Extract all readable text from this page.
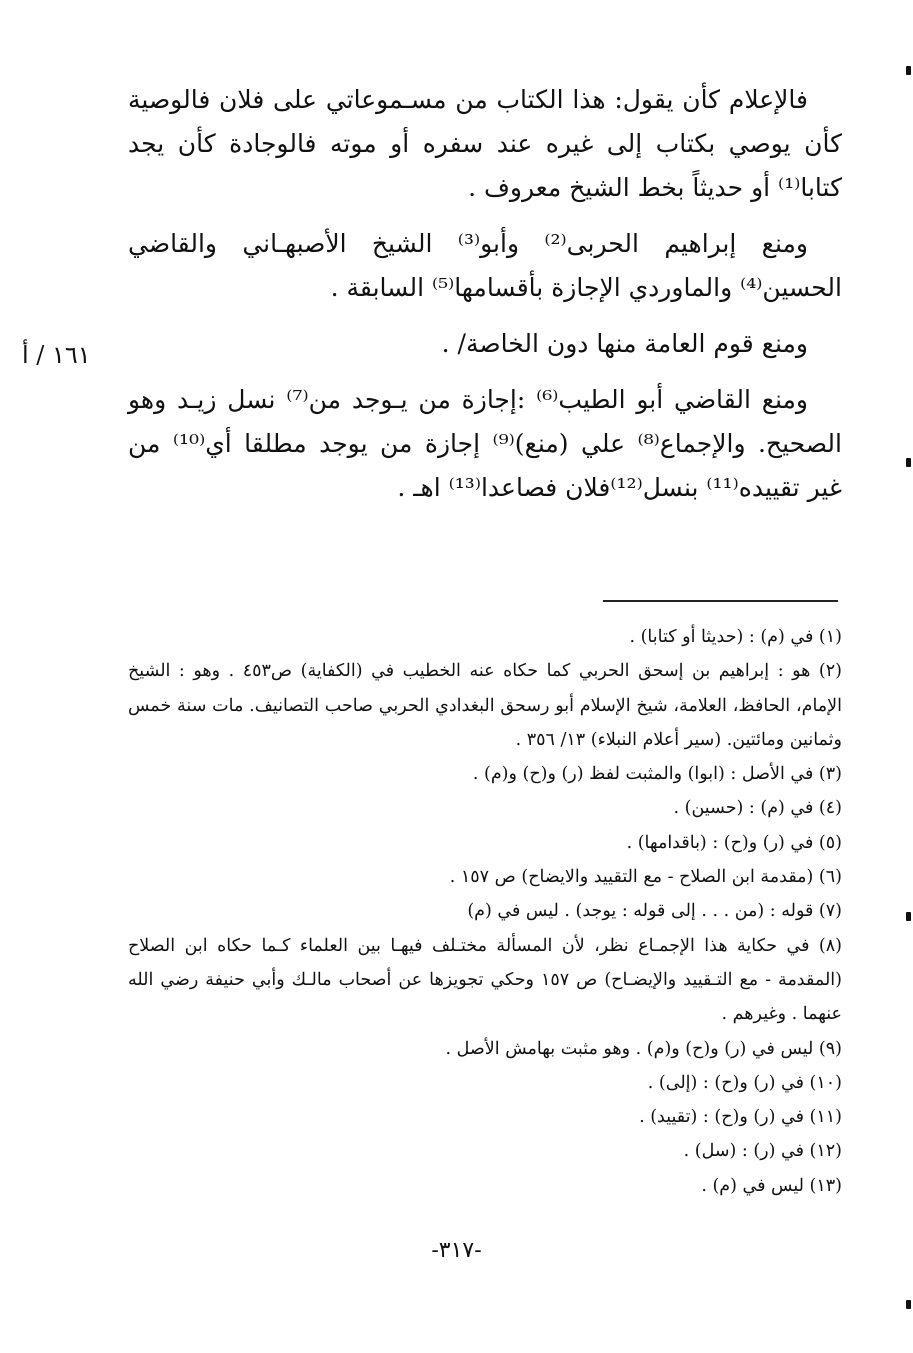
فالإعلام كأن يقول: هذا الكتاب من مسـموعاتي على فلان فالوصية كأن يوصي بكتاب إلى غيره عند سفره أو موته فالوجادة كأن يجد كتابا⁽¹⁾ أو حديثاً بخط الشيخ معروف .

ومنع إبراهيم الحربى⁽²⁾ وأبو⁽³⁾ الشيخ الأصبهـاني والقاضي الحسين⁽⁴⁾ والماوردي الإجازة بأقسامها⁽⁵⁾ السابقة .

ومنع قوم العامة منها دون الخاصة/ .

ومنع القاضي أبو الطيب⁽⁶⁾ :إجازة من يـوجد من⁽⁷⁾ نسل زيـد وهو الصحيح. والإجماع⁽⁸⁾ علي (منع)⁽⁹⁾ إجازة من يوجد مطلقا أي⁽¹⁰⁾ من غير تقييده⁽¹¹⁾ بنسل⁽¹²⁾فلان فصاعدا⁽¹³⁾ اهـ .

١٦١ / أ

(١) في (م) : (حديثا أو كتابا) .

(٢) هو : إبراهيم بن إسحق الحربي كما حكاه عنه الخطيب في (الكفاية) ص٤٥٣ . وهو : الشيخ الإمام، الحافظ، العلامة، شيخ الإسلام أبو رسحق البغدادي الحربي صاحب التصانيف. مات سنة خمس وثمانين ومائتين. (سير أعلام النبلاء) ١٣/ ٣٥٦ .

(٣) في الأصل : (ابوا) والمثبت لفظ (ر) و(ح) و(م) .

(٤) في (م) : (حسين) .

(٥) في (ر) و(ح) : (باقدامها) .

(٦) (مقدمة ابن الصلاح - مع التقييد والايضاح) ص ١٥٧ .

(٧) قوله : (من . . . إلى قوله : يوجد) . ليس في (م)

(٨) في حكاية هذا الإجمـاع نظر، لأن المسألة مختـلف فيهـا بين العلماء كـما حكاه ابن الصلاح (المقدمة - مع التـقييد والإيضـاح) ص ١٥٧ وحكي تجويزها عن أصحاب مالـك وأبي حنيفة رضي الله عنهما . وغيرهم .

(٩) ليس في (ر) و(ح) و(م) . وهو مثبت بهامش الأصل .

(١٠) في (ر) و(ح) : (إلى) .

(١١) في (ر) و(ح) : (تقييد) .

(١٢) في (ر) : (سل) .

(١٣) ليس في (م) .

-٣١٧-
